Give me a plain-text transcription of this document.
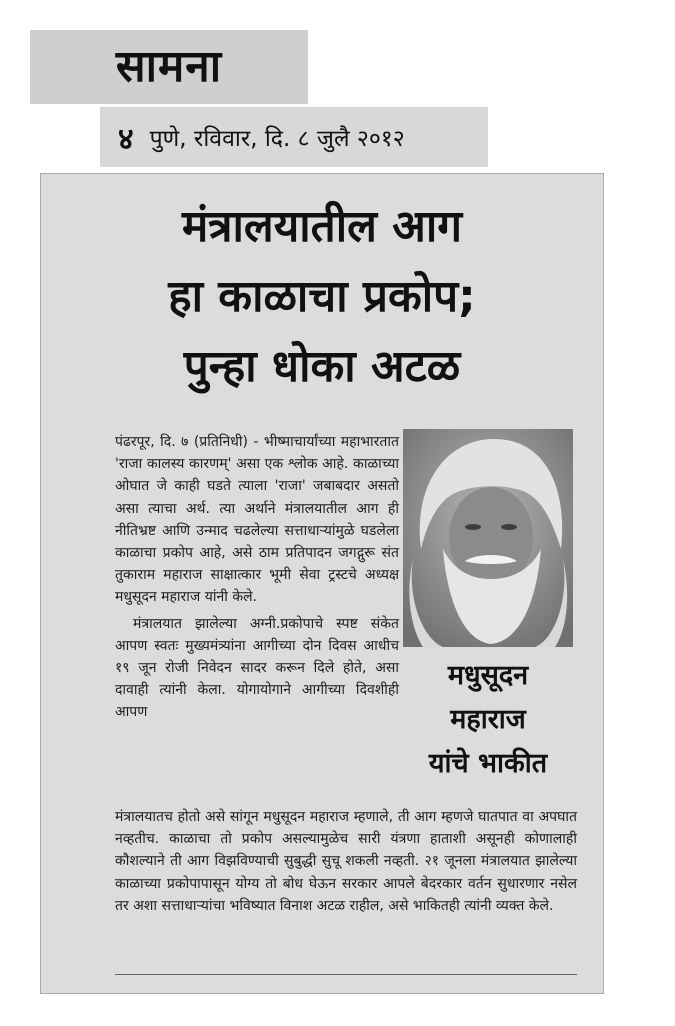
सामना
४ पुणे, रविवार, दि. ८ जुलै २०१२
मंत्रालयातील आग
हा काळाचा प्रकोप;
पुन्हा धोका अटळ

पंढरपूर, दि. ७ (प्रतिनिधी) - भीष्माचार्यांच्या महाभारतात 'राजा कालस्य कारणम्' असा एक श्लोक आहे. काळाच्या ओघात जे काही घडते त्याला 'राजा' जबाबदार असतो असा त्याचा अर्थ. त्या अर्थाने मंत्रालयातील आग ही नीतिभ्रष्ट आणि उन्माद चढलेल्या सत्ताधाऱ्यांमुळे घडलेला काळाचा प्रकोप आहे, असे ठाम प्रतिपादन जगद्गुरू संत तुकाराम महाराज साक्षात्कार भूमी सेवा ट्रस्टचे अध्यक्ष मधुसूदन महाराज यांनी केले.

मंत्रालयात झालेल्या अग्नी.प्रकोपाचे स्पष्ट संकेत आपण स्वतः मुख्यमंत्र्यांना आगीच्या दोन दिवस आधीच १९ जून रोजी निवेदन सादर करून दिले होते, असा दावाही त्यांनी केला. योगायोगाने आगीच्या दिवशीही आपण

मधुसूदन
महाराज
यांचे भाकीत
मंत्रालयातच होतो असे सांगून मधुसूदन महाराज म्हणाले, ती आग म्हणजे घातपात वा अपघात नव्हतीच. काळाचा तो प्रकोप असल्यामुळेच सारी यंत्रणा हाताशी असूनही कोणालाही कौशल्याने ती आग विझविण्याची सुबुद्धी सुचू शकली नव्हती. २१ जूनला मंत्रालयात झालेल्या काळाच्या प्रकोपापासून योग्य तो बोध घेऊन सरकार आपले बेदरकार वर्तन सुधारणार नसेल तर अशा सत्ताधाऱ्यांचा भविष्यात विनाश अटळ राहील, असे भाकितही त्यांनी व्यक्त केले.
